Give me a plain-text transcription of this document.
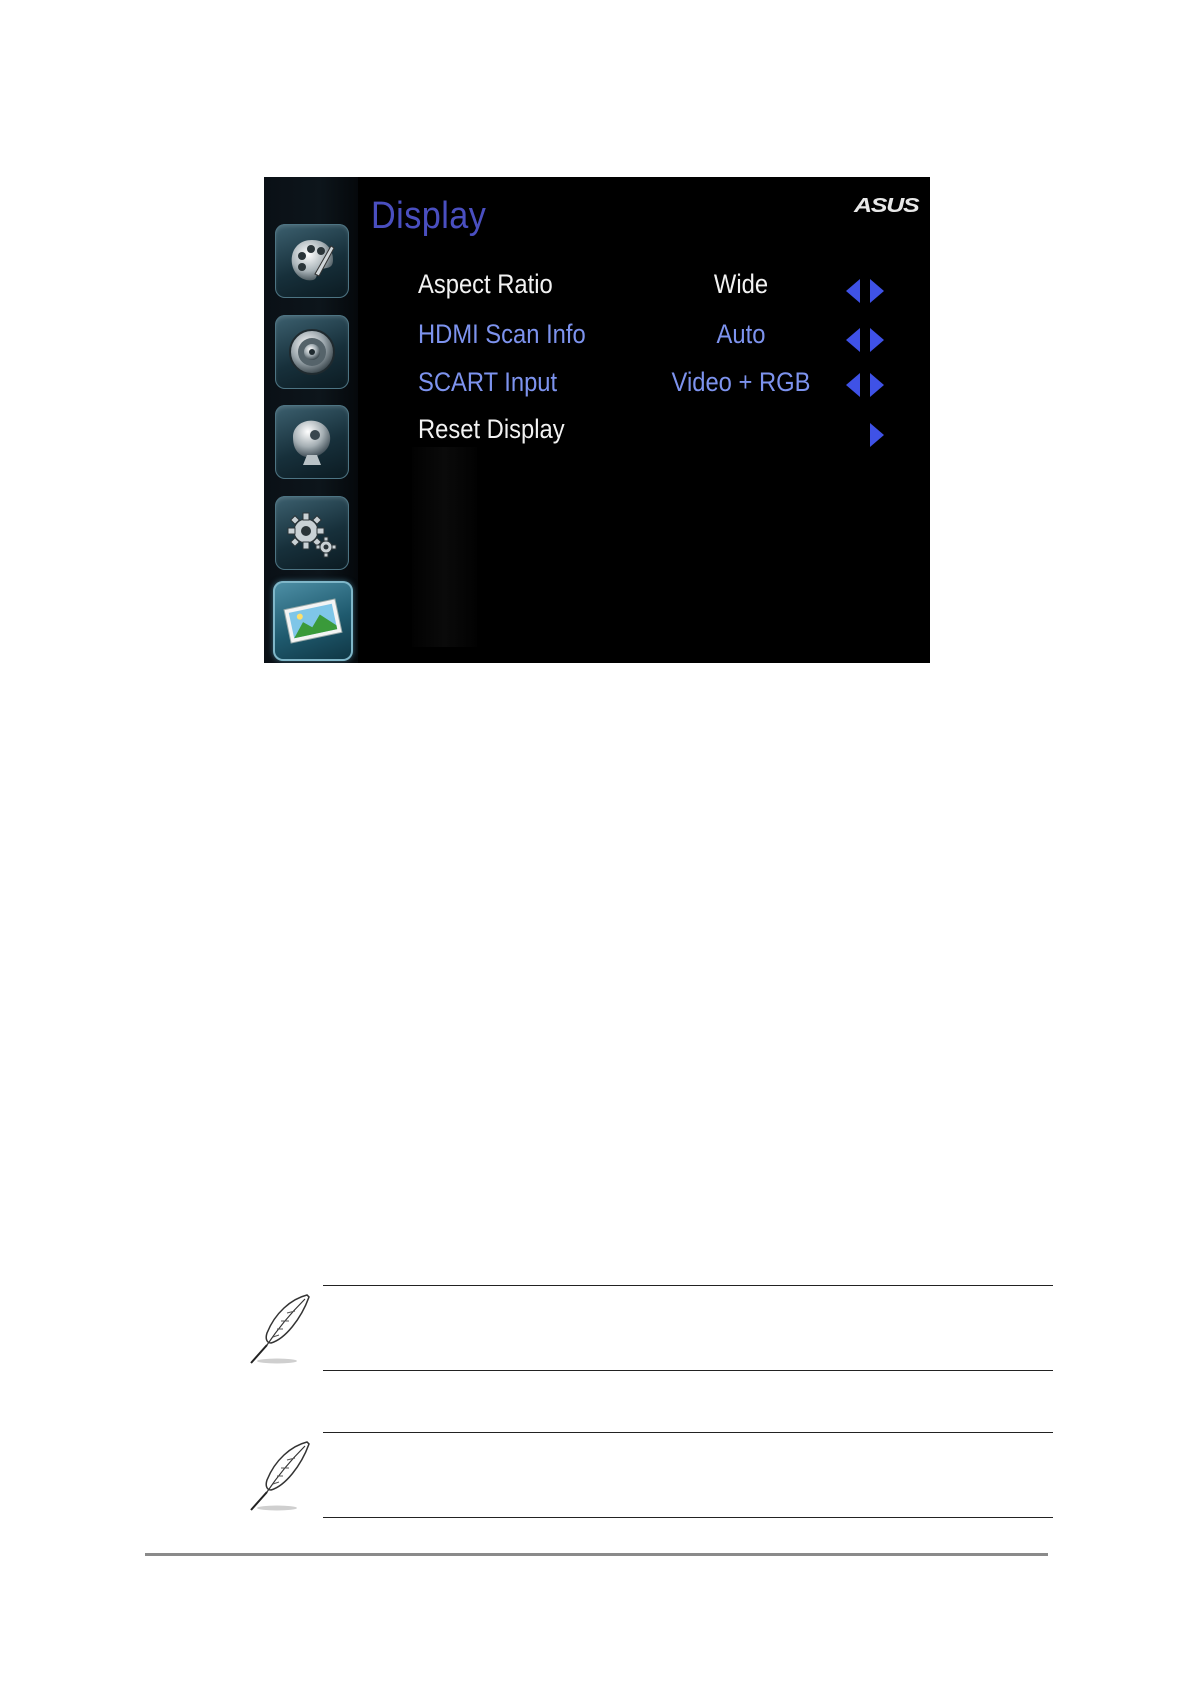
Display	ASUS
Aspect Ratio	Wide
HDMI Scan Info	Auto
SCART Input	Video + RGB
Reset Display
